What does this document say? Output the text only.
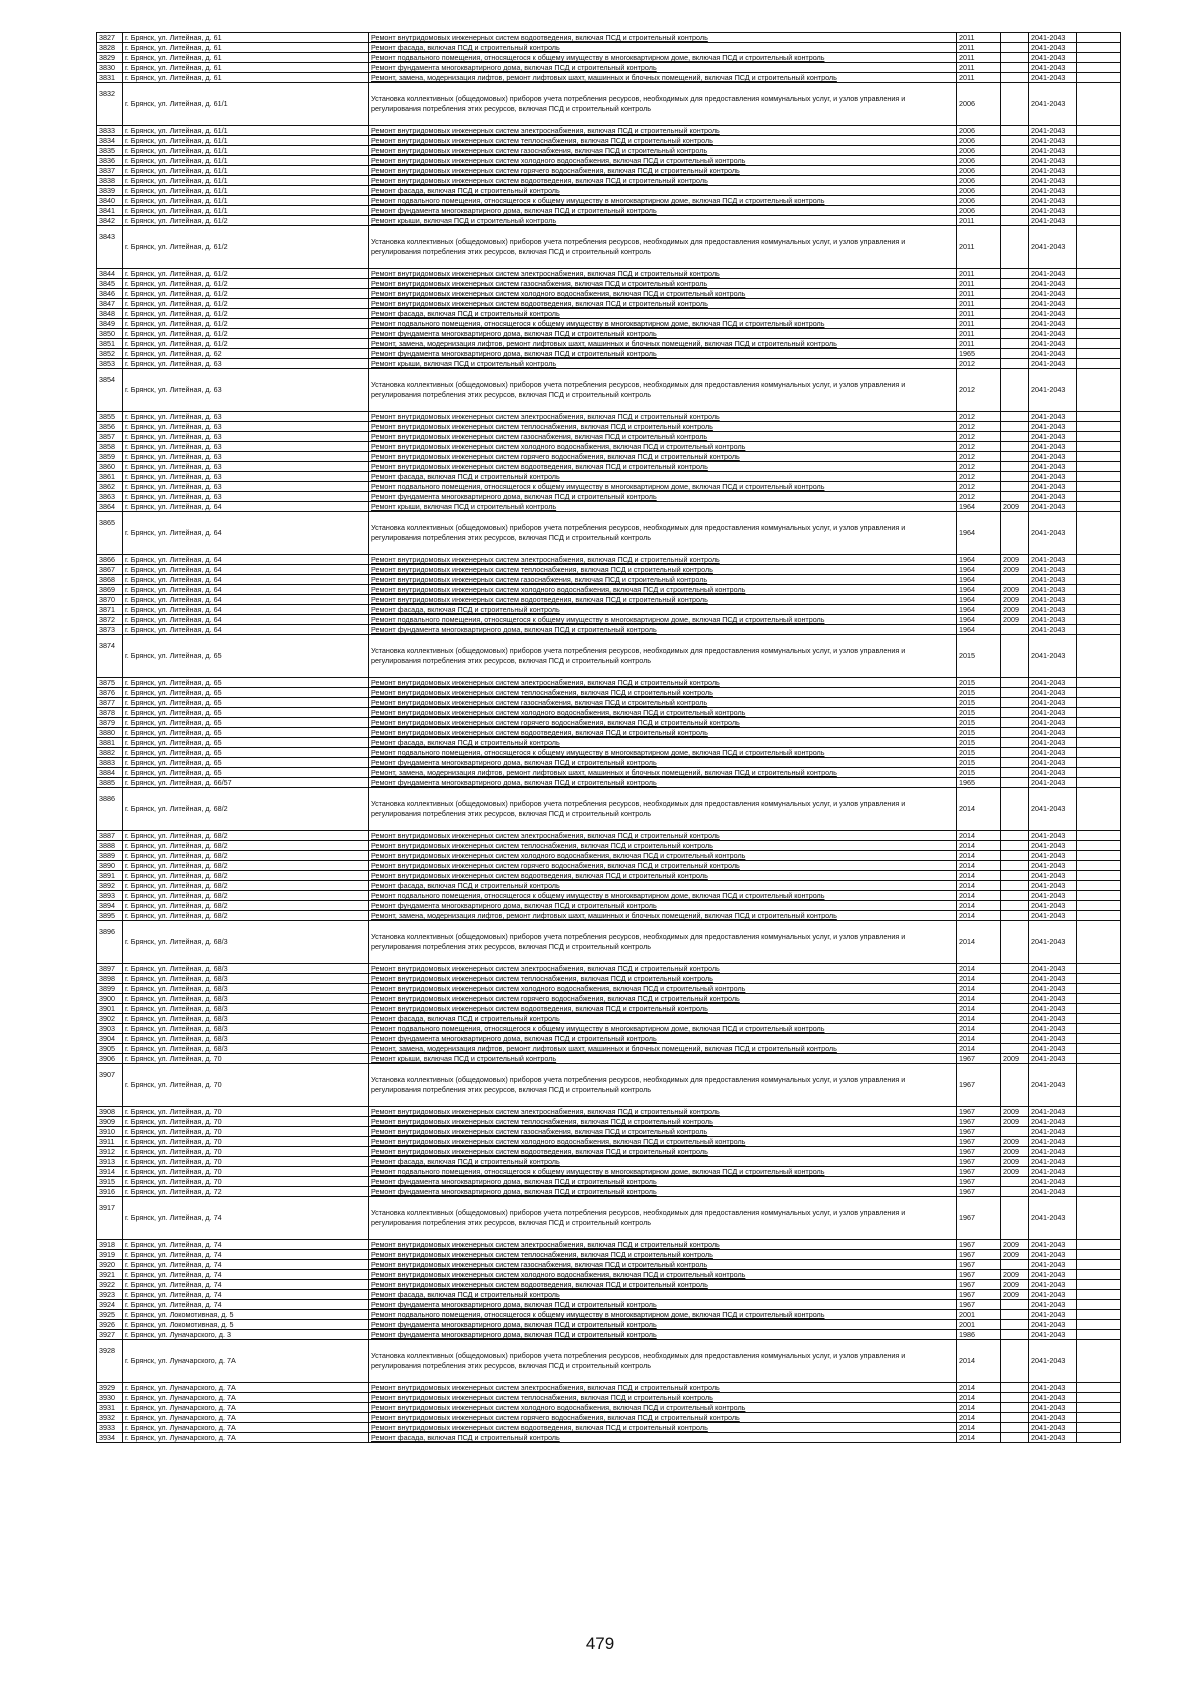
3827	г. Брянск, ул. Литейная, д. 61	Ремонт внутридомовых инженерных систем водоотведения, включая ПСД и строительный контроль	2011		2041-2043	
3828	г. Брянск, ул. Литейная, д. 61	Ремонт фасада, включая ПСД и строительный контроль	2011		2041-2043	
3829	г. Брянск, ул. Литейная, д. 61	Ремонт подвального помещения, относящегося к общему имуществу в многоквартирном доме, включая ПСД и строительный контроль	2011		2041-2043	
3830	г. Брянск, ул. Литейная, д. 61	Ремонт фундамента многоквартирного дома, включая ПСД и строительный контроль	2011		2041-2043	
3831	г. Брянск, ул. Литейная, д. 61	Ремонт, замена, модернизация лифтов, ремонт лифтовых шахт, машинных и блочных помещений, включая ПСД и строительный контроль	2011		2041-2043	
3832	г. Брянск, ул. Литейная, д. 61/1	Установка коллективных (общедомовых) приборов учета потребления ресурсов, необходимых для предоставления коммунальных услуг, и узлов управления и регулирования потребления этих ресурсов, включая ПСД и строительный контроль	2006		2041-2043	
3833	г. Брянск, ул. Литейная, д. 61/1	Ремонт внутридомовых инженерных систем электроснабжения, включая ПСД и строительный контроль	2006		2041-2043	
3834	г. Брянск, ул. Литейная, д. 61/1	Ремонт внутридомовых инженерных систем теплоснабжения, включая ПСД и строительный контроль	2006		2041-2043	
3835	г. Брянск, ул. Литейная, д. 61/1	Ремонт внутридомовых инженерных систем газоснабжения, включая ПСД и строительный контроль	2006		2041-2043	
3836	г. Брянск, ул. Литейная, д. 61/1	Ремонт внутридомовых инженерных систем холодного водоснабжения, включая ПСД и строительный контроль	2006		2041-2043	
3837	г. Брянск, ул. Литейная, д. 61/1	Ремонт внутридомовых инженерных систем горячего водоснабжения, включая ПСД и строительный контроль	2006		2041-2043	
3838	г. Брянск, ул. Литейная, д. 61/1	Ремонт внутридомовых инженерных систем водоотведения, включая ПСД и строительный контроль	2006		2041-2043	
3839	г. Брянск, ул. Литейная, д. 61/1	Ремонт фасада, включая ПСД и строительный контроль	2006		2041-2043	
3840	г. Брянск, ул. Литейная, д. 61/1	Ремонт подвального помещения, относящегося к общему имуществу в многоквартирном доме, включая ПСД и строительный контроль	2006		2041-2043	
3841	г. Брянск, ул. Литейная, д. 61/1	Ремонт фундамента многоквартирного дома, включая ПСД и строительный контроль	2006		2041-2043	
3842	г. Брянск, ул. Литейная, д. 61/2	Ремонт крыши, включая ПСД и строительный контроль	2011		2041-2043	
3843	г. Брянск, ул. Литейная, д. 61/2	Установка коллективных (общедомовых) приборов учета потребления ресурсов, необходимых для предоставления коммунальных услуг, и узлов управления и регулирования потребления этих ресурсов, включая ПСД и строительный контроль	2011		2041-2043	
3844	г. Брянск, ул. Литейная, д. 61/2	Ремонт внутридомовых инженерных систем электроснабжения, включая ПСД и строительный контроль	2011		2041-2043	
3845	г. Брянск, ул. Литейная, д. 61/2	Ремонт внутридомовых инженерных систем газоснабжения, включая ПСД и строительный контроль	2011		2041-2043	
3846	г. Брянск, ул. Литейная, д. 61/2	Ремонт внутридомовых инженерных систем холодного водоснабжения, включая ПСД и строительный контроль	2011		2041-2043	
3847	г. Брянск, ул. Литейная, д. 61/2	Ремонт внутридомовых инженерных систем водоотведения, включая ПСД и строительный контроль	2011		2041-2043	
3848	г. Брянск, ул. Литейная, д. 61/2	Ремонт фасада, включая ПСД и строительный контроль	2011		2041-2043	
3849	г. Брянск, ул. Литейная, д. 61/2	Ремонт подвального помещения, относящегося к общему имуществу в многоквартирном доме, включая ПСД и строительный контроль	2011		2041-2043	
3850	г. Брянск, ул. Литейная, д. 61/2	Ремонт фундамента многоквартирного дома, включая ПСД и строительный контроль	2011		2041-2043	
3851	г. Брянск, ул. Литейная, д. 61/2	Ремонт, замена, модернизация лифтов, ремонт лифтовых шахт, машинных и блочных помещений, включая ПСД и строительный контроль	2011		2041-2043	
3852	г. Брянск, ул. Литейная, д. 62	Ремонт фундамента многоквартирного дома, включая ПСД и строительный контроль	1965		2041-2043	
3853	г. Брянск, ул. Литейная, д. 63	Ремонт крыши, включая ПСД и строительный контроль	2012		2041-2043	
3854	г. Брянск, ул. Литейная, д. 63	Установка коллективных (общедомовых) приборов учета потребления ресурсов, необходимых для предоставления коммунальных услуг, и узлов управления и регулирования потребления этих ресурсов, включая ПСД и строительный контроль	2012		2041-2043	
3855	г. Брянск, ул. Литейная, д. 63	Ремонт внутридомовых инженерных систем электроснабжения, включая ПСД и строительный контроль	2012		2041-2043	
3856	г. Брянск, ул. Литейная, д. 63	Ремонт внутридомовых инженерных систем теплоснабжения, включая ПСД и строительный контроль	2012		2041-2043	
3857	г. Брянск, ул. Литейная, д. 63	Ремонт внутридомовых инженерных систем газоснабжения, включая ПСД и строительный контроль	2012		2041-2043	
3858	г. Брянск, ул. Литейная, д. 63	Ремонт внутридомовых инженерных систем холодного водоснабжения, включая ПСД и строительный контроль	2012		2041-2043	
3859	г. Брянск, ул. Литейная, д. 63	Ремонт внутридомовых инженерных систем горячего водоснабжения, включая ПСД и строительный контроль	2012		2041-2043	
3860	г. Брянск, ул. Литейная, д. 63	Ремонт внутридомовых инженерных систем водоотведения, включая ПСД и строительный контроль	2012		2041-2043	
3861	г. Брянск, ул. Литейная, д. 63	Ремонт фасада, включая ПСД и строительный контроль	2012		2041-2043	
3862	г. Брянск, ул. Литейная, д. 63	Ремонт подвального помещения, относящегося к общему имуществу в многоквартирном доме, включая ПСД и строительный контроль	2012		2041-2043	
3863	г. Брянск, ул. Литейная, д. 63	Ремонт фундамента многоквартирного дома, включая ПСД и строительный контроль	2012		2041-2043	
3864	г. Брянск, ул. Литейная, д. 64	Ремонт крыши, включая ПСД и строительный контроль	1964	2009	2041-2043	
3865	г. Брянск, ул. Литейная, д. 64	Установка коллективных (общедомовых) приборов учета потребления ресурсов, необходимых для предоставления коммунальных услуг, и узлов управления и регулирования потребления этих ресурсов, включая ПСД и строительный контроль	1964		2041-2043	
3866	г. Брянск, ул. Литейная, д. 64	Ремонт внутридомовых инженерных систем электроснабжения, включая ПСД и строительный контроль	1964	2009	2041-2043	
3867	г. Брянск, ул. Литейная, д. 64	Ремонт внутридомовых инженерных систем теплоснабжения, включая ПСД и строительный контроль	1964	2009	2041-2043	
3868	г. Брянск, ул. Литейная, д. 64	Ремонт внутридомовых инженерных систем газоснабжения, включая ПСД и строительный контроль	1964		2041-2043	
3869	г. Брянск, ул. Литейная, д. 64	Ремонт внутридомовых инженерных систем холодного водоснабжения, включая ПСД и строительный контроль	1964	2009	2041-2043	
3870	г. Брянск, ул. Литейная, д. 64	Ремонт внутридомовых инженерных систем водоотведения, включая ПСД и строительный контроль	1964	2009	2041-2043	
3871	г. Брянск, ул. Литейная, д. 64	Ремонт фасада, включая ПСД и строительный контроль	1964	2009	2041-2043	
3872	г. Брянск, ул. Литейная, д. 64	Ремонт подвального помещения, относящегося к общему имуществу в многоквартирном доме, включая ПСД и строительный контроль	1964	2009	2041-2043	
3873	г. Брянск, ул. Литейная, д. 64	Ремонт фундамента многоквартирного дома, включая ПСД и строительный контроль	1964		2041-2043	
3874	г. Брянск, ул. Литейная, д. 65	Установка коллективных (общедомовых) приборов учета потребления ресурсов, необходимых для предоставления коммунальных услуг, и узлов управления и регулирования потребления этих ресурсов, включая ПСД и строительный контроль	2015		2041-2043	
3875	г. Брянск, ул. Литейная, д. 65	Ремонт внутридомовых инженерных систем электроснабжения, включая ПСД и строительный контроль	2015		2041-2043	
3876	г. Брянск, ул. Литейная, д. 65	Ремонт внутридомовых инженерных систем теплоснабжения, включая ПСД и строительный контроль	2015		2041-2043	
3877	г. Брянск, ул. Литейная, д. 65	Ремонт внутридомовых инженерных систем газоснабжения, включая ПСД и строительный контроль	2015		2041-2043	
3878	г. Брянск, ул. Литейная, д. 65	Ремонт внутридомовых инженерных систем холодного водоснабжения, включая ПСД и строительный контроль	2015		2041-2043	
3879	г. Брянск, ул. Литейная, д. 65	Ремонт внутридомовых инженерных систем горячего водоснабжения, включая ПСД и строительный контроль	2015		2041-2043	
3880	г. Брянск, ул. Литейная, д. 65	Ремонт внутридомовых инженерных систем водоотведения, включая ПСД и строительный контроль	2015		2041-2043	
3881	г. Брянск, ул. Литейная, д. 65	Ремонт фасада, включая ПСД и строительный контроль	2015		2041-2043	
3882	г. Брянск, ул. Литейная, д. 65	Ремонт подвального помещения, относящегося к общему имуществу в многоквартирном доме, включая ПСД и строительный контроль	2015		2041-2043	
3883	г. Брянск, ул. Литейная, д. 65	Ремонт фундамента многоквартирного дома, включая ПСД и строительный контроль	2015		2041-2043	
3884	г. Брянск, ул. Литейная, д. 65	Ремонт, замена, модернизация лифтов, ремонт лифтовых шахт, машинных и блочных помещений, включая ПСД и строительный контроль	2015		2041-2043	
3885	г. Брянск, ул. Литейная, д. 66/57	Ремонт фундамента многоквартирного дома, включая ПСД и строительный контроль	1965		2041-2043	
3886	г. Брянск, ул. Литейная, д. 68/2	Установка коллективных (общедомовых) приборов учета потребления ресурсов, необходимых для предоставления коммунальных услуг, и узлов управления и регулирования потребления этих ресурсов, включая ПСД и строительный контроль	2014		2041-2043	
3887	г. Брянск, ул. Литейная, д. 68/2	Ремонт внутридомовых инженерных систем электроснабжения, включая ПСД и строительный контроль	2014		2041-2043	
3888	г. Брянск, ул. Литейная, д. 68/2	Ремонт внутридомовых инженерных систем теплоснабжения, включая ПСД и строительный контроль	2014		2041-2043	
3889	г. Брянск, ул. Литейная, д. 68/2	Ремонт внутридомовых инженерных систем холодного водоснабжения, включая ПСД и строительный контроль	2014		2041-2043	
3890	г. Брянск, ул. Литейная, д. 68/2	Ремонт внутридомовых инженерных систем горячего водоснабжения, включая ПСД и строительный контроль	2014		2041-2043	
3891	г. Брянск, ул. Литейная, д. 68/2	Ремонт внутридомовых инженерных систем водоотведения, включая ПСД и строительный контроль	2014		2041-2043	
3892	г. Брянск, ул. Литейная, д. 68/2	Ремонт фасада, включая ПСД и строительный контроль	2014		2041-2043	
3893	г. Брянск, ул. Литейная, д. 68/2	Ремонт подвального помещения, относящегося к общему имуществу в многоквартирном доме, включая ПСД и строительный контроль	2014		2041-2043	
3894	г. Брянск, ул. Литейная, д. 68/2	Ремонт фундамента многоквартирного дома, включая ПСД и строительный контроль	2014		2041-2043	
3895	г. Брянск, ул. Литейная, д. 68/2	Ремонт, замена, модернизация лифтов, ремонт лифтовых шахт, машинных и блочных помещений, включая ПСД и строительный контроль	2014		2041-2043	
3896	г. Брянск, ул. Литейная, д. 68/3	Установка коллективных (общедомовых) приборов учета потребления ресурсов, необходимых для предоставления коммунальных услуг, и узлов управления и регулирования потребления этих ресурсов, включая ПСД и строительный контроль	2014		2041-2043	
3897	г. Брянск, ул. Литейная, д. 68/3	Ремонт внутридомовых инженерных систем электроснабжения, включая ПСД и строительный контроль	2014		2041-2043	
3898	г. Брянск, ул. Литейная, д. 68/3	Ремонт внутридомовых инженерных систем теплоснабжения, включая ПСД и строительный контроль	2014		2041-2043	
3899	г. Брянск, ул. Литейная, д. 68/3	Ремонт внутридомовых инженерных систем холодного водоснабжения, включая ПСД и строительный контроль	2014		2041-2043	
3900	г. Брянск, ул. Литейная, д. 68/3	Ремонт внутридомовых инженерных систем горячего водоснабжения, включая ПСД и строительный контроль	2014		2041-2043	
3901	г. Брянск, ул. Литейная, д. 68/3	Ремонт внутридомовых инженерных систем водоотведения, включая ПСД и строительный контроль	2014		2041-2043	
3902	г. Брянск, ул. Литейная, д. 68/3	Ремонт фасада, включая ПСД и строительный контроль	2014		2041-2043	
3903	г. Брянск, ул. Литейная, д. 68/3	Ремонт подвального помещения, относящегося к общему имуществу в многоквартирном доме, включая ПСД и строительный контроль	2014		2041-2043	
3904	г. Брянск, ул. Литейная, д. 68/3	Ремонт фундамента многоквартирного дома, включая ПСД и строительный контроль	2014		2041-2043	
3905	г. Брянск, ул. Литейная, д. 68/3	Ремонт, замена, модернизация лифтов, ремонт лифтовых шахт, машинных и блочных помещений, включая ПСД и строительный контроль	2014		2041-2043	
3906	г. Брянск, ул. Литейная, д. 70	Ремонт крыши, включая ПСД и строительный контроль	1967	2009	2041-2043	
3907	г. Брянск, ул. Литейная, д. 70	Установка коллективных (общедомовых) приборов учета потребления ресурсов, необходимых для предоставления коммунальных услуг, и узлов управления и регулирования потребления этих ресурсов, включая ПСД и строительный контроль	1967		2041-2043	
3908	г. Брянск, ул. Литейная, д. 70	Ремонт внутридомовых инженерных систем электроснабжения, включая ПСД и строительный контроль	1967	2009	2041-2043	
3909	г. Брянск, ул. Литейная, д. 70	Ремонт внутридомовых инженерных систем теплоснабжения, включая ПСД и строительный контроль	1967	2009	2041-2043	
3910	г. Брянск, ул. Литейная, д. 70	Ремонт внутридомовых инженерных систем газоснабжения, включая ПСД и строительный контроль	1967		2041-2043	
3911	г. Брянск, ул. Литейная, д. 70	Ремонт внутридомовых инженерных систем холодного водоснабжения, включая ПСД и строительный контроль	1967	2009	2041-2043	
3912	г. Брянск, ул. Литейная, д. 70	Ремонт внутридомовых инженерных систем водоотведения, включая ПСД и строительный контроль	1967	2009	2041-2043	
3913	г. Брянск, ул. Литейная, д. 70	Ремонт фасада, включая ПСД и строительный контроль	1967	2009	2041-2043	
3914	г. Брянск, ул. Литейная, д. 70	Ремонт подвального помещения, относящегося к общему имуществу в многоквартирном доме, включая ПСД и строительный контроль	1967	2009	2041-2043	
3915	г. Брянск, ул. Литейная, д. 70	Ремонт фундамента многоквартирного дома, включая ПСД и строительный контроль	1967		2041-2043	
3916	г. Брянск, ул. Литейная, д. 72	Ремонт фундамента многоквартирного дома, включая ПСД и строительный контроль	1967		2041-2043	
3917	г. Брянск, ул. Литейная, д. 74	Установка коллективных (общедомовых) приборов учета потребления ресурсов, необходимых для предоставления коммунальных услуг, и узлов управления и регулирования потребления этих ресурсов, включая ПСД и строительный контроль	1967		2041-2043	
3918	г. Брянск, ул. Литейная, д. 74	Ремонт внутридомовых инженерных систем электроснабжения, включая ПСД и строительный контроль	1967	2009	2041-2043	
3919	г. Брянск, ул. Литейная, д. 74	Ремонт внутридомовых инженерных систем теплоснабжения, включая ПСД и строительный контроль	1967	2009	2041-2043	
3920	г. Брянск, ул. Литейная, д. 74	Ремонт внутридомовых инженерных систем газоснабжения, включая ПСД и строительный контроль	1967		2041-2043	
3921	г. Брянск, ул. Литейная, д. 74	Ремонт внутридомовых инженерных систем холодного водоснабжения, включая ПСД и строительный контроль	1967	2009	2041-2043	
3922	г. Брянск, ул. Литейная, д. 74	Ремонт внутридомовых инженерных систем водоотведения, включая ПСД и строительный контроль	1967	2009	2041-2043	
3923	г. Брянск, ул. Литейная, д. 74	Ремонт фасада, включая ПСД и строительный контроль	1967	2009	2041-2043	
3924	г. Брянск, ул. Литейная, д. 74	Ремонт фундамента многоквартирного дома, включая ПСД и строительный контроль	1967		2041-2043	
3925	г. Брянск, ул. Локомотивная, д. 5	Ремонт подвального помещения, относящегося к общему имуществу в многоквартирном доме, включая ПСД и строительный контроль	2001		2041-2043	
3926	г. Брянск, ул. Локомотивная, д. 5	Ремонт фундамента многоквартирного дома, включая ПСД и строительный контроль	2001		2041-2043	
3927	г. Брянск, ул. Луначарского, д. 3	Ремонт фундамента многоквартирного дома, включая ПСД и строительный контроль	1986		2041-2043	
3928	г. Брянск, ул. Луначарского, д. 7А	Установка коллективных (общедомовых) приборов учета потребления ресурсов, необходимых для предоставления коммунальных услуг, и узлов управления и регулирования потребления этих ресурсов, включая ПСД и строительный контроль	2014		2041-2043	
3929	г. Брянск, ул. Луначарского, д. 7А	Ремонт внутридомовых инженерных систем электроснабжения, включая ПСД и строительный контроль	2014		2041-2043	
3930	г. Брянск, ул. Луначарского, д. 7А	Ремонт внутридомовых инженерных систем теплоснабжения, включая ПСД и строительный контроль	2014		2041-2043	
3931	г. Брянск, ул. Луначарского, д. 7А	Ремонт внутридомовых инженерных систем холодного водоснабжения, включая ПСД и строительный контроль	2014		2041-2043	
3932	г. Брянск, ул. Луначарского, д. 7А	Ремонт внутридомовых инженерных систем горячего водоснабжения, включая ПСД и строительный контроль	2014		2041-2043	
3933	г. Брянск, ул. Луначарского, д. 7А	Ремонт внутридомовых инженерных систем водоотведения, включая ПСД и строительный контроль	2014		2041-2043	
3934	г. Брянск, ул. Луначарского, д. 7А	Ремонт фасада, включая ПСД и строительный контроль	2014		2041-2043	
479
